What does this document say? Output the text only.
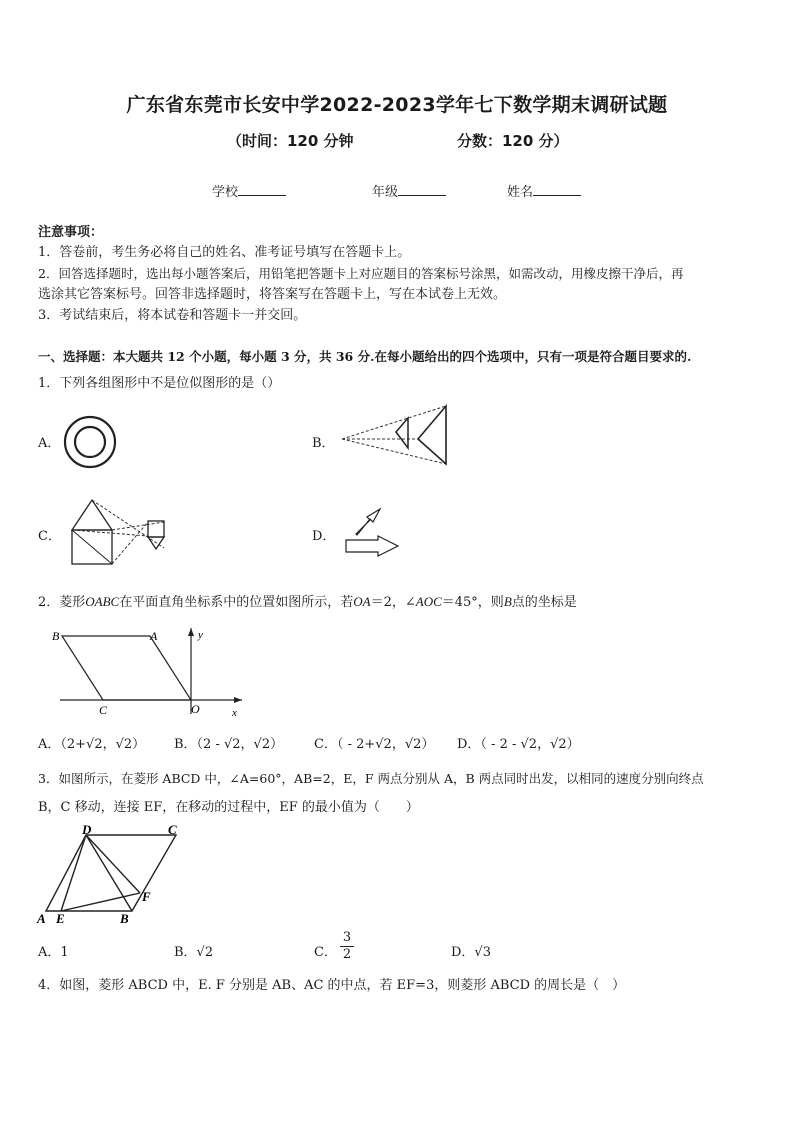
广东省东莞市长安中学2022-2023学年七下数学期末调研试题
（时间：120 分钟	分数：120 分）
学校	年级	姓名
注意事项：
1．答卷前，考生务必将自己的姓名、准考证号填写在答题卡上。
2．回答选择题时，选出每小题答案后，用铅笔把答题卡上对应题目的答案标号涂黑，如需改动，用橡皮擦干净后，再
选涂其它答案标号。回答非选择题时，将答案写在答题卡上，写在本试卷上无效。
3．考试结束后，将本试卷和答题卡一并交回。
一、选择题：本大题共 12 个小题，每小题 3 分，共 36 分.在每小题给出的四个选项中，只有一项是符合题目要求的.
1．下列各组图形中不是位似图形的是（）
A．	B．
C．	D．
2．菱形OABC在平面直角坐标系中的位置如图所示，若OA＝2，∠AOC＝45°，则B点的坐标是
B	A
C	O	x
y
A．（2+√2，√2） B．（2 - √2，√2） C．（ - 2+√2，√2） D．（ - 2 - √2，√2）
3．如图所示，在菱形 ABCD 中，∠A=60°，AB=2，E，F 两点分别从 A，B 两点同时出发，以相同的速度分别向终点
B，C 移动，连接 EF，在移动的过程中，EF 的最小值为（　　）
D	C
A E	B
F
A．1	B．√2	C． $\frac{3}{2}$	D．√3
4．如图，菱形 ABCD 中，E. F 分别是 AB、AC 的中点，若 EF=3，则菱形 ABCD 的周长是（　）
